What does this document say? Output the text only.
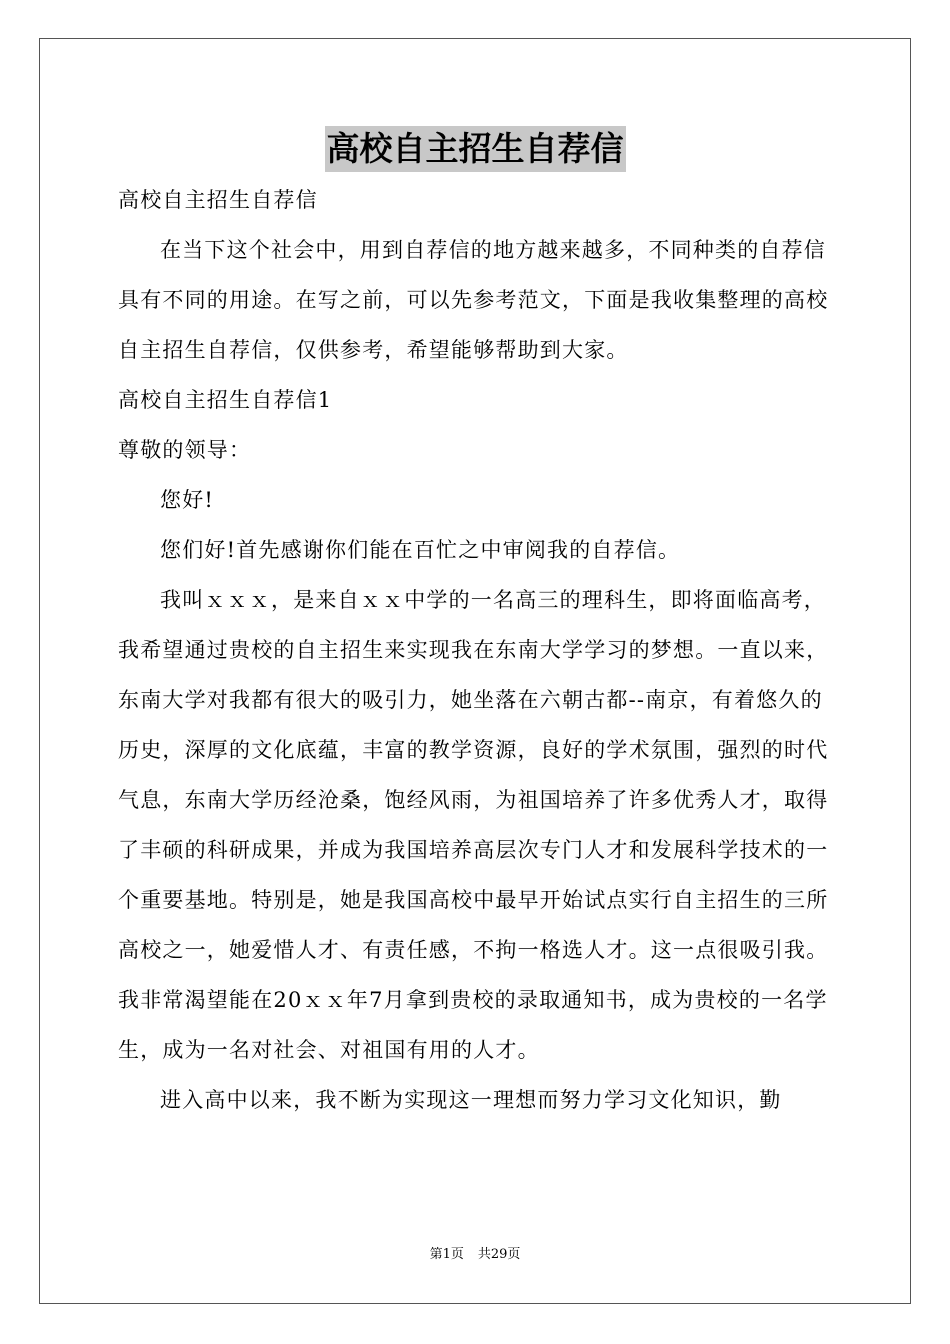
高校自主招生自荐信

高校自主招生自荐信

在当下这个社会中，用到自荐信的地方越来越多，不同种类的自荐信具有不同的用途。在写之前，可以先参考范文，下面是我收集整理的高校自主招生自荐信，仅供参考，希望能够帮助到大家。

高校自主招生自荐信1

尊敬的领导：

您好!

您们好!首先感谢你们能在百忙之中审阅我的自荐信。

我叫ｘｘｘ，是来自ｘｘ中学的一名高三的理科生，即将面临高考，我希望通过贵校的自主招生来实现我在东南大学学习的梦想。一直以来，东南大学对我都有很大的吸引力，她坐落在六朝古都--南京，有着悠久的历史，深厚的文化底蕴，丰富的教学资源，良好的学术氛围，强烈的时代气息，东南大学历经沧桑，饱经风雨，为祖国培养了许多优秀人才，取得了丰硕的科研成果，并成为我国培养高层次专门人才和发展科学技术的一个重要基地。特别是，她是我国高校中最早开始试点实行自主招生的三所高校之一，她爱惜人才、有责任感，不拘一格选人才。这一点很吸引我。我非常渴望能在20ｘｘ年7月拿到贵校的录取通知书，成为贵校的一名学生，成为一名对社会、对祖国有用的人才。

进入高中以来，我不断为实现这一理想而努力学习文化知识，勤

第1页 共29页
